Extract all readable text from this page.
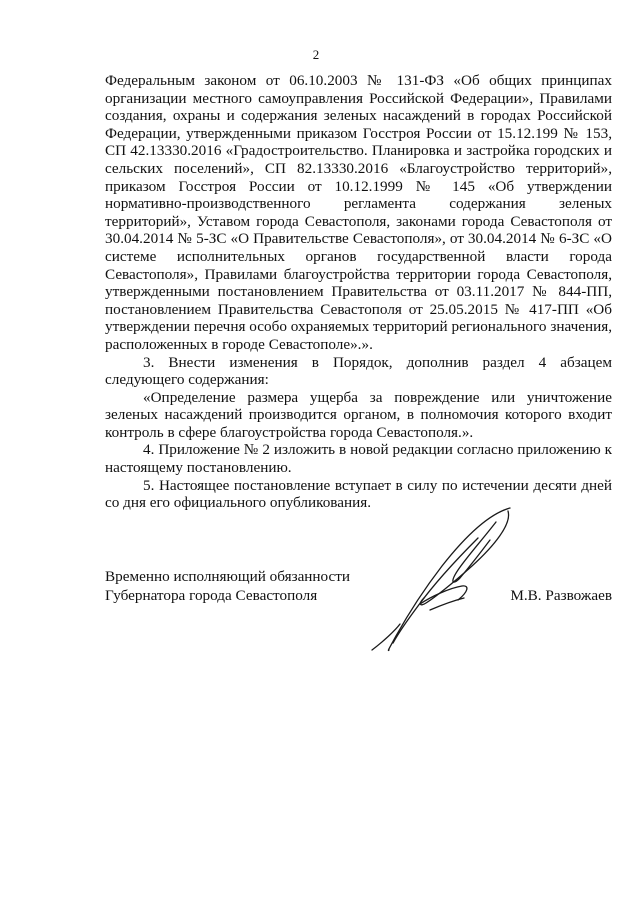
2

Федеральным законом от 06.10.2003 № 131-ФЗ «Об общих принципах организации местного самоуправления Российской Федерации», Правилами создания, охраны и содержания зеленых насаждений в городах Российской Федерации, утвержденными приказом Госстроя России от 15.12.199 № 153, СП 42.13330.2016 «Градостроительство. Планировка и застройка городских и сельских поселений», СП 82.13330.2016 «Благоустройство территорий», приказом Госстроя России от 10.12.1999 № 145 «Об утверждении нормативно-производственного регламента содержания зеленых территорий», Уставом города Севастополя, законами города Севастополя от 30.04.2014 № 5-ЗС «О Правительстве Севастополя», от 30.04.2014 № 6-ЗС «О системе исполнительных органов государственной власти города Севастополя», Правилами благоустройства территории города Севастополя, утвержденными постановлением Правительства от 03.11.2017 № 844-ПП, постановлением Правительства Севастополя от 25.05.2015 № 417-ПП «Об утверждении перечня особо охраняемых территорий регионального значения, расположенных в городе Севастополе».».

3. Внести изменения в Порядок, дополнив раздел 4 абзацем следующего содержания:

«Определение размера ущерба за повреждение или уничтожение зеленых насаждений производится органом, в полномочия которого входит контроль в сфере благоустройства города Севастополя.».

4. Приложение № 2 изложить в новой редакции согласно приложению к настоящему постановлению.

5. Настоящее постановление вступает в силу по истечении десяти дней со дня его официального опубликования.

Временно исполняющий обязанности
Губернатора города Севастополя	М.В. Развожаев
